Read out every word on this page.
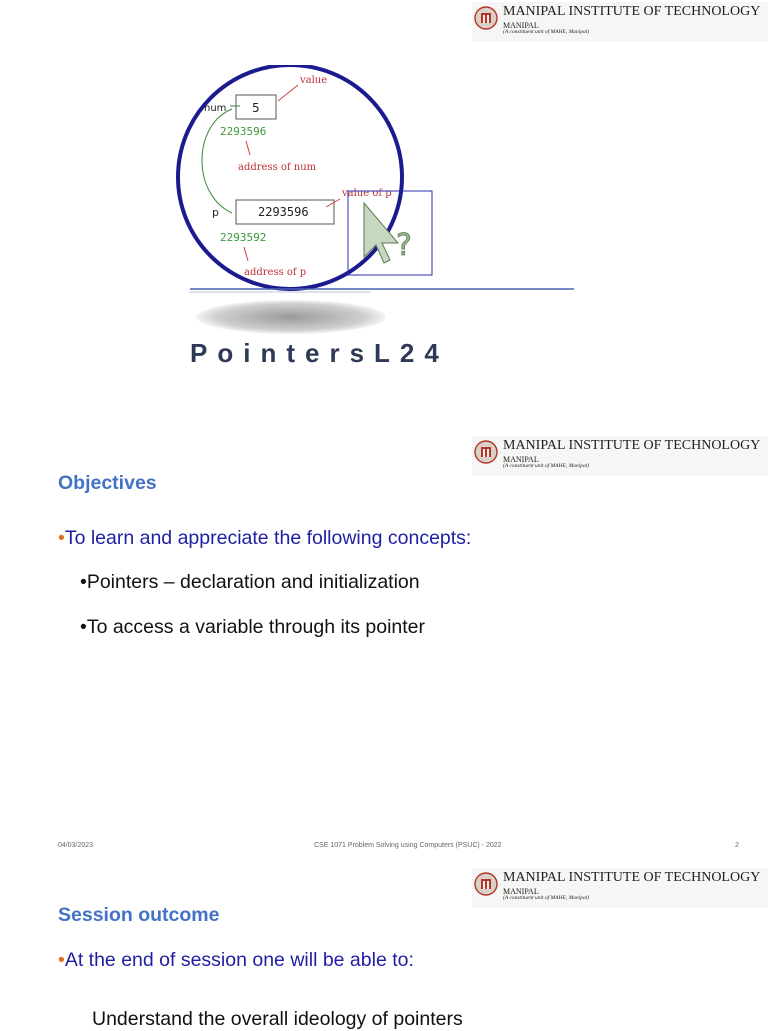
MANIPAL INSTITUTE OF TECHNOLOGY
MANIPAL
(A constituent unit of MAHE, Manipal)
num 5
2293596
value
address of num
p	2293596
value of p
2293592
address of p
?
PointersL24
MANIPAL INSTITUTE OF TECHNOLOGY
MANIPAL
(A constituent unit of MAHE, Manipal)
Objectives
•To learn and appreciate the following concepts:
•Pointers – declaration and initialization
•To access a variable through its pointer
04/03/2023	CSE 1071 Problem Solving using Computers (PSUC) - 2022	2
MANIPAL INSTITUTE OF TECHNOLOGY
MANIPAL
(A constituent unit of MAHE, Manipal)
Session outcome
•At the end of session one will be able to:
Understand the overall ideology of pointers
